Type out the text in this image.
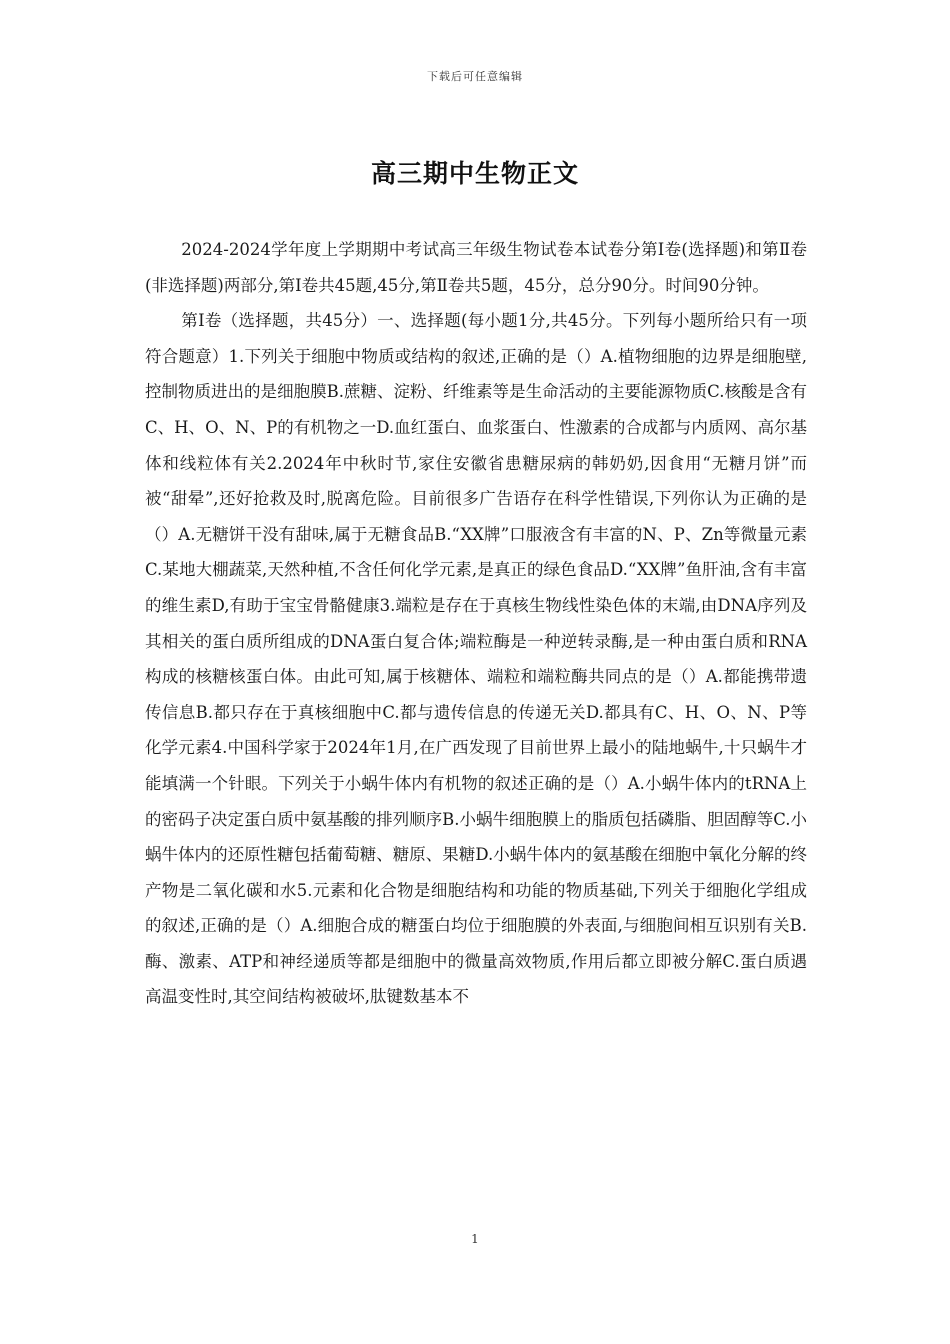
下载后可任意编辑
高三期中生物正文

2024-2024学年度上学期期中考试高三年级生物试卷本试卷分第Ⅰ卷(选择题)和第Ⅱ卷(非选择题)两部分,第Ⅰ卷共45题,45分,第Ⅱ卷共5题，45分，总分90分。时间90分钟。

第Ⅰ卷（选择题，共45分）一、选择题(每小题1分,共45分。下列每小题所给只有一项符合题意）1.下列关于细胞中物质或结构的叙述,正确的是（）A.植物细胞的边界是细胞壁,控制物质进出的是细胞膜B.蔗糖、淀粉、纤维素等是生命活动的主要能源物质C.核酸是含有C、H、O、N、P的有机物之一D.血红蛋白、血浆蛋白、性激素的合成都与内质网、高尔基体和线粒体有关2.2024年中秋时节,家住安徽省患糖尿病的韩奶奶,因食用“无糖月饼”而被“甜晕”,还好抢救及时,脱离危险。目前很多广告语存在科学性错误,下列你认为正确的是（）A.无糖饼干没有甜味,属于无糖食品B.“XX牌”口服液含有丰富的N、P、Zn等微量元素C.某地大棚蔬菜,天然种植,不含任何化学元素,是真正的绿色食品D.“XX牌”鱼肝油,含有丰富的维生素D,有助于宝宝骨骼健康3.端粒是存在于真核生物线性染色体的末端,由DNA序列及其相关的蛋白质所组成的DNA蛋白复合体;端粒酶是一种逆转录酶,是一种由蛋白质和RNA构成的核糖核蛋白体。由此可知,属于核糖体、端粒和端粒酶共同点的是（）A.都能携带遗传信息B.都只存在于真核细胞中C.都与遗传信息的传递无关D.都具有C、H、O、N、P等化学元素4.中国科学家于2024年1月,在广西发现了目前世界上最小的陆地蜗牛,十只蜗牛才能填满一个针眼。下列关于小蜗牛体内有机物的叙述正确的是（）A.小蜗牛体内的tRNA上的密码子决定蛋白质中氨基酸的排列顺序B.小蜗牛细胞膜上的脂质包括磷脂、胆固醇等C.小蜗牛体内的还原性糖包括葡萄糖、糖原、果糖D.小蜗牛体内的氨基酸在细胞中氧化分解的终产物是二氧化碳和水5.元素和化合物是细胞结构和功能的物质基础,下列关于细胞化学组成的叙述,正确的是（）A.细胞合成的糖蛋白均位于细胞膜的外表面,与细胞间相互识别有关B.酶、激素、ATP和神经递质等都是细胞中的微量高效物质,作用后都立即被分解C.蛋白质遇高温变性时,其空间结构被破坏,肽键数基本不

1
